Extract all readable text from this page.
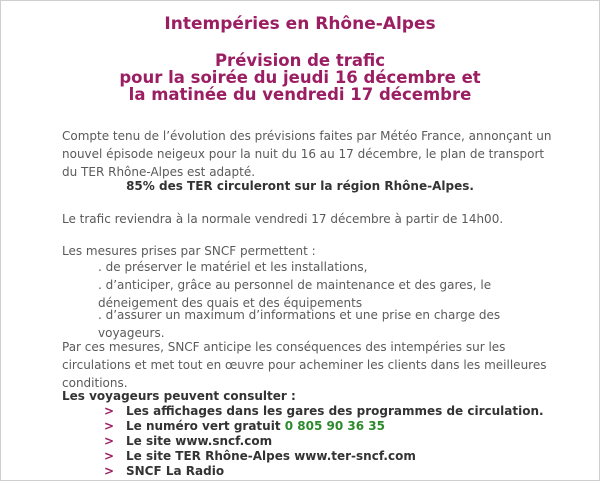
Intempéries en Rhône-Alpes
Prévision de trafic
pour la soirée du jeudi 16 décembre et
la matinée du vendredi 17 décembre

Compte tenu de l’évolution des prévisions faites par Météo France, annonçant un nouvel épisode neigeux pour la nuit du 16 au 17 décembre, le plan de transport du TER Rhône-Alpes est adapté.

85% des TER circuleront sur la région Rhône-Alpes.

Le trafic reviendra à la normale vendredi 17 décembre à partir de 14h00.

Les mesures prises par SNCF permettent :

. de préserver le matériel et les installations,

. d’anticiper, grâce au personnel de maintenance et des gares, le déneigement des quais et des équipements

. d’assurer un maximum d’informations et une prise en charge des voyageurs.

Par ces mesures, SNCF anticipe les conséquences des intempéries sur les circulations et met tout en œuvre pour acheminer les clients dans les meilleures conditions.

Les voyageurs peuvent consulter :

> Les affichages dans les gares des programmes de circulation.

> Le numéro vert gratuit 0 805 90 36 35

> Le site www.sncf.com

> Le site TER Rhône-Alpes www.ter-sncf.com

> SNCF La Radio
